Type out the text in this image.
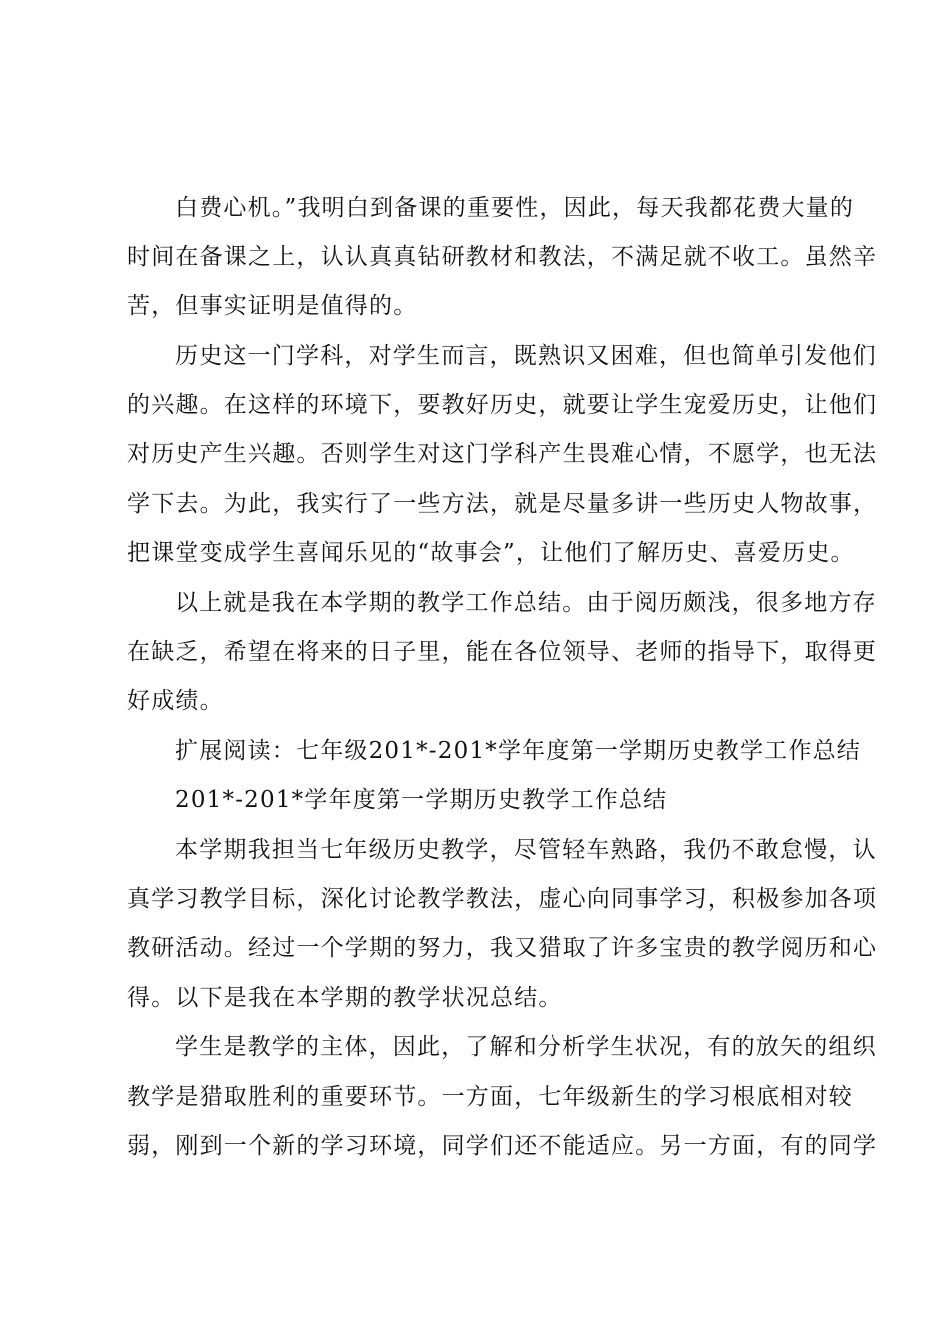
白费心机。”我明白到备课的重要性，因此，每天我都花费大量的
时间在备课之上，认认真真钻研教材和教法，不满足就不收工。虽然辛
苦，但事实证明是值得的。
历史这一门学科，对学生而言，既熟识又困难，但也简单引发他们
的兴趣。在这样的环境下，要教好历史，就要让学生宠爱历史，让他们
对历史产生兴趣。否则学生对这门学科产生畏难心情，不愿学，也无法
学下去。为此，我实行了一些方法，就是尽量多讲一些历史人物故事，
把课堂变成学生喜闻乐见的“故事会”，让他们了解历史、喜爱历史。
以上就是我在本学期的教学工作总结。由于阅历颇浅，很多地方存
在缺乏，希望在将来的日子里，能在各位领导、老师的指导下，取得更
好成绩。
扩展阅读：七年级201*-201*学年度第一学期历史教学工作总结
201*-201*学年度第一学期历史教学工作总结
本学期我担当七年级历史教学，尽管轻车熟路，我仍不敢怠慢，认
真学习教学目标，深化讨论教学教法，虚心向同事学习，积极参加各项
教研活动。经过一个学期的努力，我又猎取了许多宝贵的教学阅历和心
得。以下是我在本学期的教学状况总结。
学生是教学的主体，因此，了解和分析学生状况，有的放矢的组织
教学是猎取胜利的重要环节。一方面，七年级新生的学习根底相对较
弱，刚到一个新的学习环境，同学们还不能适应。另一方面，有的同学
